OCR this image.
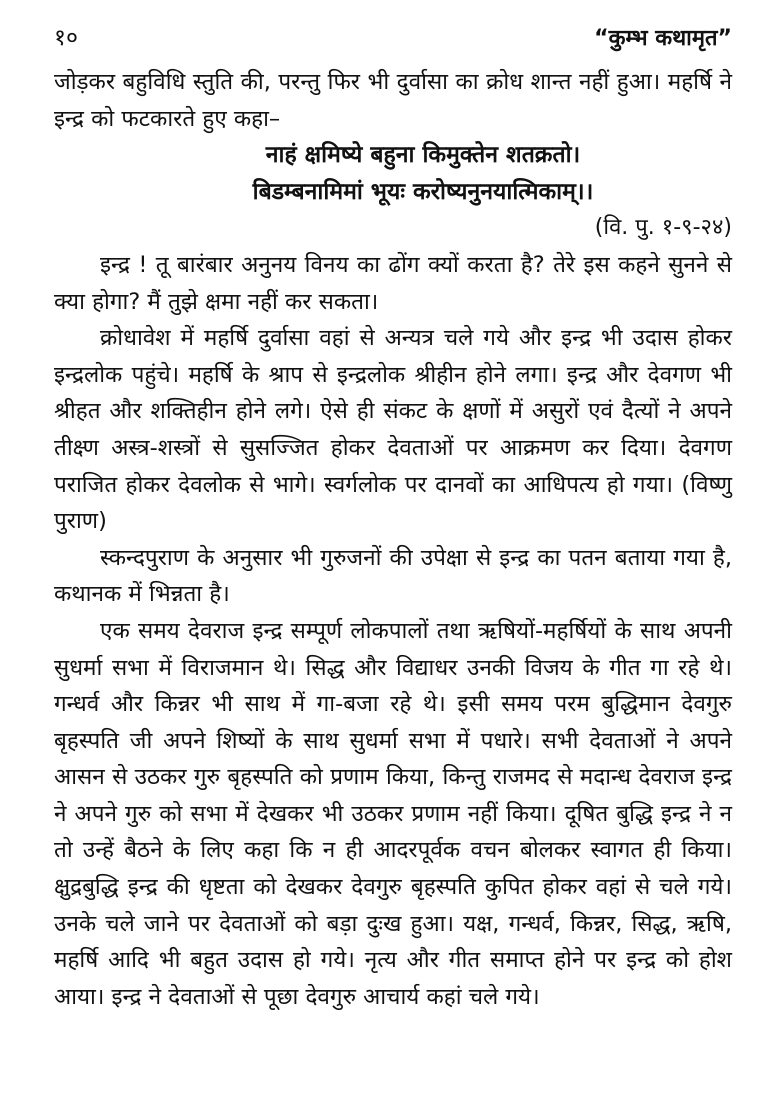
१०	“कुम्भ कथामृत”

जोड़कर बहुविधि स्तुति की, परन्तु फिर भी दुर्वासा का क्रोध शान्त नहीं हुआ। महर्षि ने इन्द्र को फटकारते हुए कहा–

नाहं क्षमिष्ये बहुना किमुक्तेन शतक्रतो।
बिडम्बनामिमां भूयः करोष्यनुनयात्मिकाम्।।
(वि. पु. १-९-२४)

इन्द्र ! तू बारंबार अनुनय विनय का ढोंग क्यों करता है? तेरे इस कहने सुनने से क्या होगा? मैं तुझे क्षमा नहीं कर सकता।

क्रोधावेश में महर्षि दुर्वासा वहां से अन्यत्र चले गये और इन्द्र भी उदास होकर इन्द्रलोक पहुंचे। महर्षि के श्राप से इन्द्रलोक श्रीहीन होने लगा। इन्द्र और देवगण भी श्रीहत और शक्तिहीन होने लगे। ऐसे ही संकट के क्षणों में असुरों एवं दैत्यों ने अपने तीक्ष्ण अस्त्र-शस्त्रों से सुसज्जित होकर देवताओं पर आक्रमण कर दिया। देवगण पराजित होकर देवलोक से भागे। स्वर्गलोक पर दानवों का आधिपत्य हो गया। (विष्णु पुराण)

स्कन्दपुराण के अनुसार भी गुरुजनों की उपेक्षा से इन्द्र का पतन बताया गया है, कथानक में भिन्नता है।

एक समय देवराज इन्द्र सम्पूर्ण लोकपालों तथा ऋषियों-महर्षियों के साथ अपनी सुधर्मा सभा में विराजमान थे। सिद्ध और विद्याधर उनकी विजय के गीत गा रहे थे। गन्धर्व और किन्नर भी साथ में गा-बजा रहे थे। इसी समय परम बुद्धिमान देवगुरु बृहस्पति जी अपने शिष्यों के साथ सुधर्मा सभा में पधारे। सभी देवताओं ने अपने आसन से उठकर गुरु बृहस्पति को प्रणाम किया, किन्तु राजमद से मदान्ध देवराज इन्द्र ने अपने गुरु को सभा में देखकर भी उठकर प्रणाम नहीं किया। दूषित बुद्धि इन्द्र ने न तो उन्हें बैठने के लिए कहा कि न ही आदरपूर्वक वचन बोलकर स्वागत ही किया। क्षुद्रबुद्धि इन्द्र की धृष्टता को देखकर देवगुरु बृहस्पति कुपित होकर वहां से चले गये। उनके चले जाने पर देवताओं को बड़ा दुःख हुआ। यक्ष, गन्धर्व, किन्नर, सिद्ध, ऋषि, महर्षि आदि भी बहुत उदास हो गये। नृत्य और गीत समाप्त होने पर इन्द्र को होश आया। इन्द्र ने देवताओं से पूछा देवगुरु आचार्य कहां चले गये।
